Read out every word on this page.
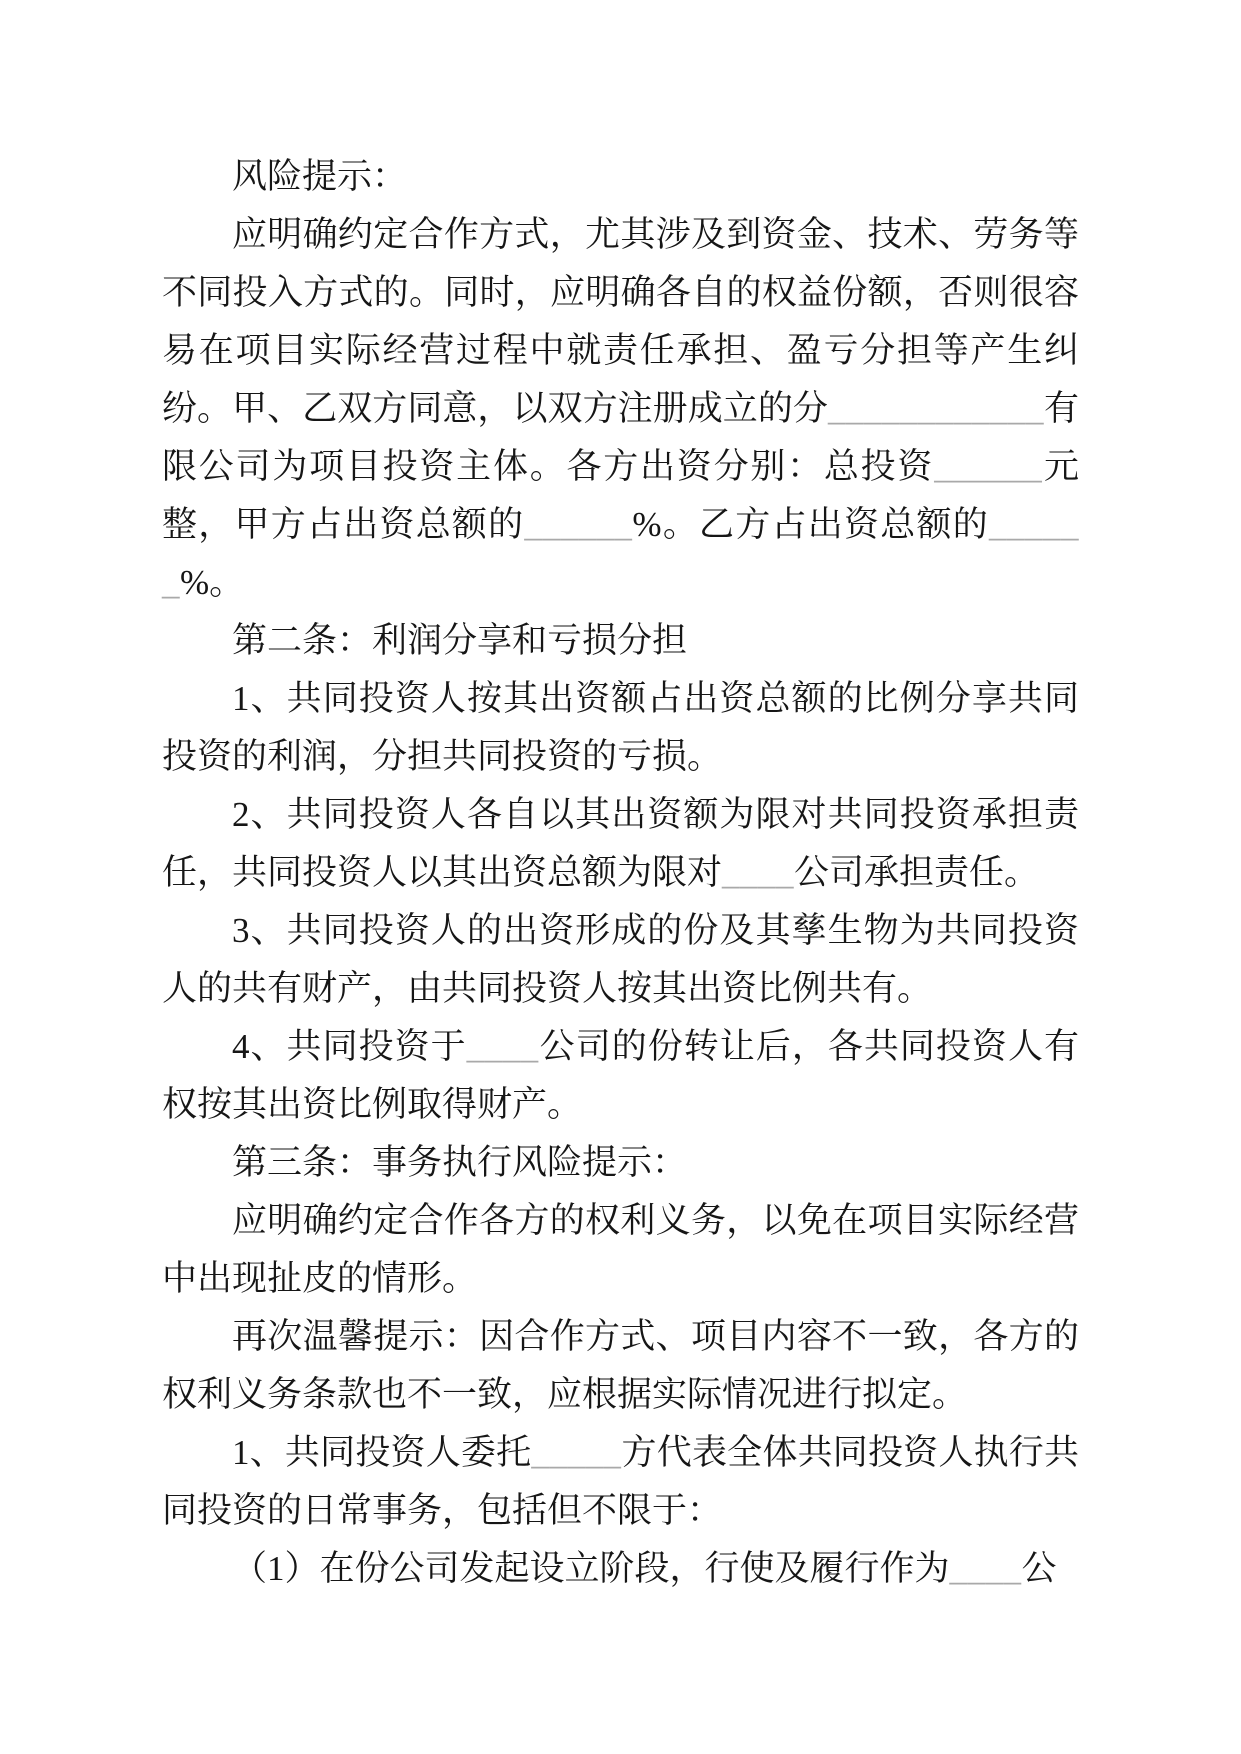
风险提示：

应明确约定合作方式，尤其涉及到资金、技术、劳务等不同投入方式的。同时，应明确各自的权益份额，否则很容易在项目实际经营过程中就责任承担、盈亏分担等产生纠纷。甲、乙双方同意，以双方注册成立的分____________有限公司为项目投资主体。各方出资分别：总投资______元整，甲方占出资总额的______%。乙方占出资总额的______%。

第二条：利润分享和亏损分担

1、共同投资人按其出资额占出资总额的比例分享共同投资的利润，分担共同投资的亏损。

2、共同投资人各自以其出资额为限对共同投资承担责任，共同投资人以其出资总额为限对____公司承担责任。

3、共同投资人的出资形成的份及其孳生物为共同投资人的共有财产，由共同投资人按其出资比例共有。

4、共同投资于____公司的份转让后，各共同投资人有权按其出资比例取得财产。

第三条：事务执行风险提示：

应明确约定合作各方的权利义务，以免在项目实际经营中出现扯皮的情形。

再次温馨提示：因合作方式、项目内容不一致，各方的权利义务条款也不一致，应根据实际情况进行拟定。

1、共同投资人委托_____方代表全体共同投资人执行共同投资的日常事务，包括但不限于：

（1）在份公司发起设立阶段，行使及履行作为____公
